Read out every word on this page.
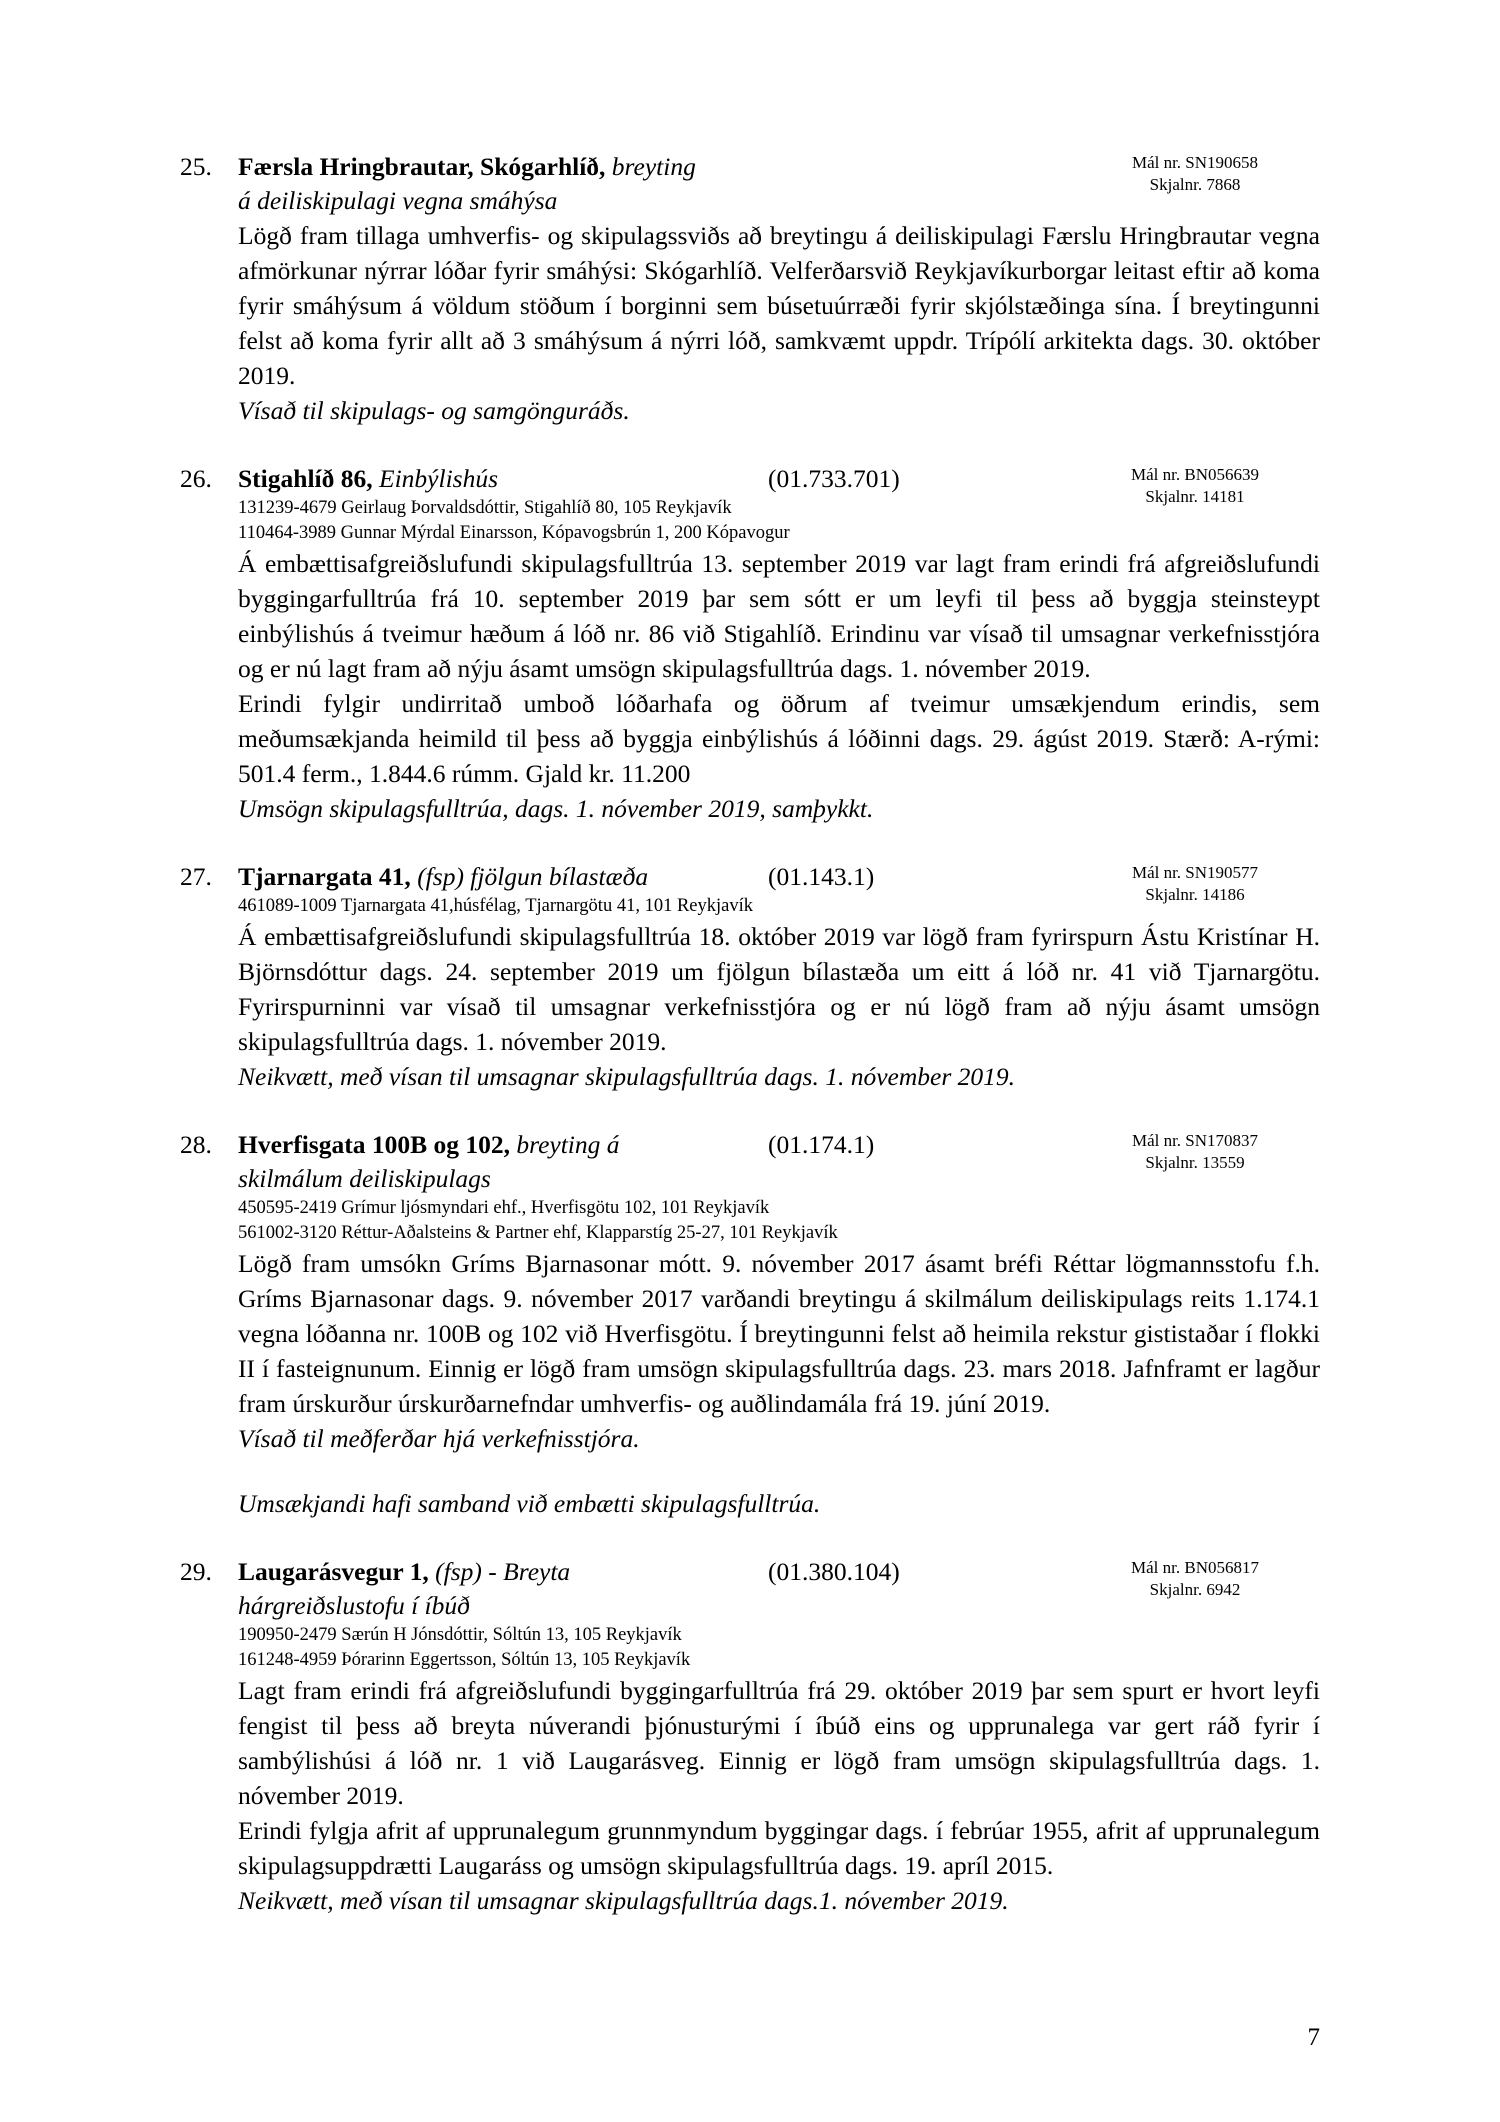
25.	Mál nr. SN190658
Skjalnr. 7868
Færsla Hringbrautar, Skógarhlíð, breyting
á deiliskipulagi vegna smáhýsa

Lögð fram tillaga umhverfis- og skipulagssviðs að breytingu á deiliskipulagi Færslu Hringbrautar vegna afmörkunar nýrrar lóðar fyrir smáhýsi: Skógarhlíð. Velferðarsvið Reykjavíkurborgar leitast eftir að koma fyrir smáhýsum á völdum stöðum í borginni sem búsetuúrræði fyrir skjólstæðinga sína. Í breytingunni felst að koma fyrir allt að 3 smáhýsum á nýrri lóð, samkvæmt uppdr. Trípólí arkitekta dags. 30. október 2019.

Vísað til skipulags- og samgönguráðs.
26.	Mál nr. BN056639
Skjalnr. 14181
Stigahlíð 86, Einbýlishús	(01.733.701)
131239-4679 Geirlaug Þorvaldsdóttir, Stigahlíð 80, 105 Reykjavík
110464-3989 Gunnar Mýrdal Einarsson, Kópavogsbrún 1, 200 Kópavogur

Á embættisafgreiðslufundi skipulagsfulltrúa 13. september 2019 var lagt fram erindi frá afgreiðslufundi byggingarfulltrúa frá 10. september 2019 þar sem sótt er um leyfi til þess að byggja steinsteypt einbýlishús á tveimur hæðum á lóð nr. 86 við Stigahlíð. Erindinu var vísað til umsagnar verkefnisstjóra og er nú lagt fram að nýju ásamt umsögn skipulagsfulltrúa dags. 1. nóvember 2019.

Erindi fylgir undirritað umboð lóðarhafa og öðrum af tveimur umsækjendum erindis, sem meðumsækjanda heimild til þess að byggja einbýlishús á lóðinni dags. 29. ágúst 2019. Stærð: A-rými: 501.4 ferm., 1.844.6 rúmm. Gjald kr. 11.200

Umsögn skipulagsfulltrúa, dags. 1. nóvember 2019, samþykkt.
27.	Mál nr. SN190577
Skjalnr. 14186
Tjarnargata 41, (fsp) fjölgun bílastæða	(01.143.1)
461089-1009 Tjarnargata 41,húsfélag, Tjarnargötu 41, 101 Reykjavík

Á embættisafgreiðslufundi skipulagsfulltrúa 18. október 2019 var lögð fram fyrirspurn Ástu Kristínar H. Björnsdóttur dags. 24. september 2019 um fjölgun bílastæða um eitt á lóð nr. 41 við Tjarnargötu. Fyrirspurninni var vísað til umsagnar verkefnisstjóra og er nú lögð fram að nýju ásamt umsögn skipulagsfulltrúa dags. 1. nóvember 2019.

Neikvætt, með vísan til umsagnar skipulagsfulltrúa dags. 1. nóvember 2019.
28.	Mál nr. SN170837
Skjalnr. 13559
Hverfisgata 100B og 102, breyting á	(01.174.1)
skilmálum deiliskipulags
450595-2419 Grímur ljósmyndari ehf., Hverfisgötu 102, 101 Reykjavík
561002-3120 Réttur-Aðalsteins & Partner ehf, Klapparstíg 25-27, 101 Reykjavík

Lögð fram umsókn Gríms Bjarnasonar mótt. 9. nóvember 2017 ásamt bréfi Réttar lögmannsstofu f.h. Gríms Bjarnasonar dags. 9. nóvember 2017 varðandi breytingu á skilmálum deiliskipulags reits 1.174.1 vegna lóðanna nr. 100B og 102 við Hverfisgötu. Í breytingunni felst að heimila rekstur gististaðar í flokki II í fasteignunum. Einnig er lögð fram umsögn skipulagsfulltrúa dags. 23. mars 2018. Jafnframt er lagður fram úrskurður úrskurðarnefndar umhverfis- og auðlindamála frá 19. júní 2019.

Vísað til meðferðar hjá verkefnisstjóra.
Umsækjandi hafi samband við embætti skipulagsfulltrúa.
29.	Mál nr. BN056817
Skjalnr. 6942
Laugarásvegur 1, (fsp) - Breyta	(01.380.104)
hárgreiðslustofu í íbúð
190950-2479 Særún H Jónsdóttir, Sóltún 13, 105 Reykjavík
161248-4959 Þórarinn Eggertsson, Sóltún 13, 105 Reykjavík

Lagt fram erindi frá afgreiðslufundi byggingarfulltrúa frá 29. október 2019 þar sem spurt er hvort leyfi fengist til þess að breyta núverandi þjónusturými í íbúð eins og upprunalega var gert ráð fyrir í sambýlishúsi á lóð nr. 1 við Laugarásveg. Einnig er lögð fram umsögn skipulagsfulltrúa dags. 1. nóvember 2019.

Erindi fylgja afrit af upprunalegum grunnmyndum byggingar dags. í febrúar 1955, afrit af upprunalegum skipulagsuppdrætti Laugaráss og umsögn skipulagsfulltrúa dags. 19. apríl 2015.

Neikvætt, með vísan til umsagnar skipulagsfulltrúa dags.1. nóvember 2019.
7
